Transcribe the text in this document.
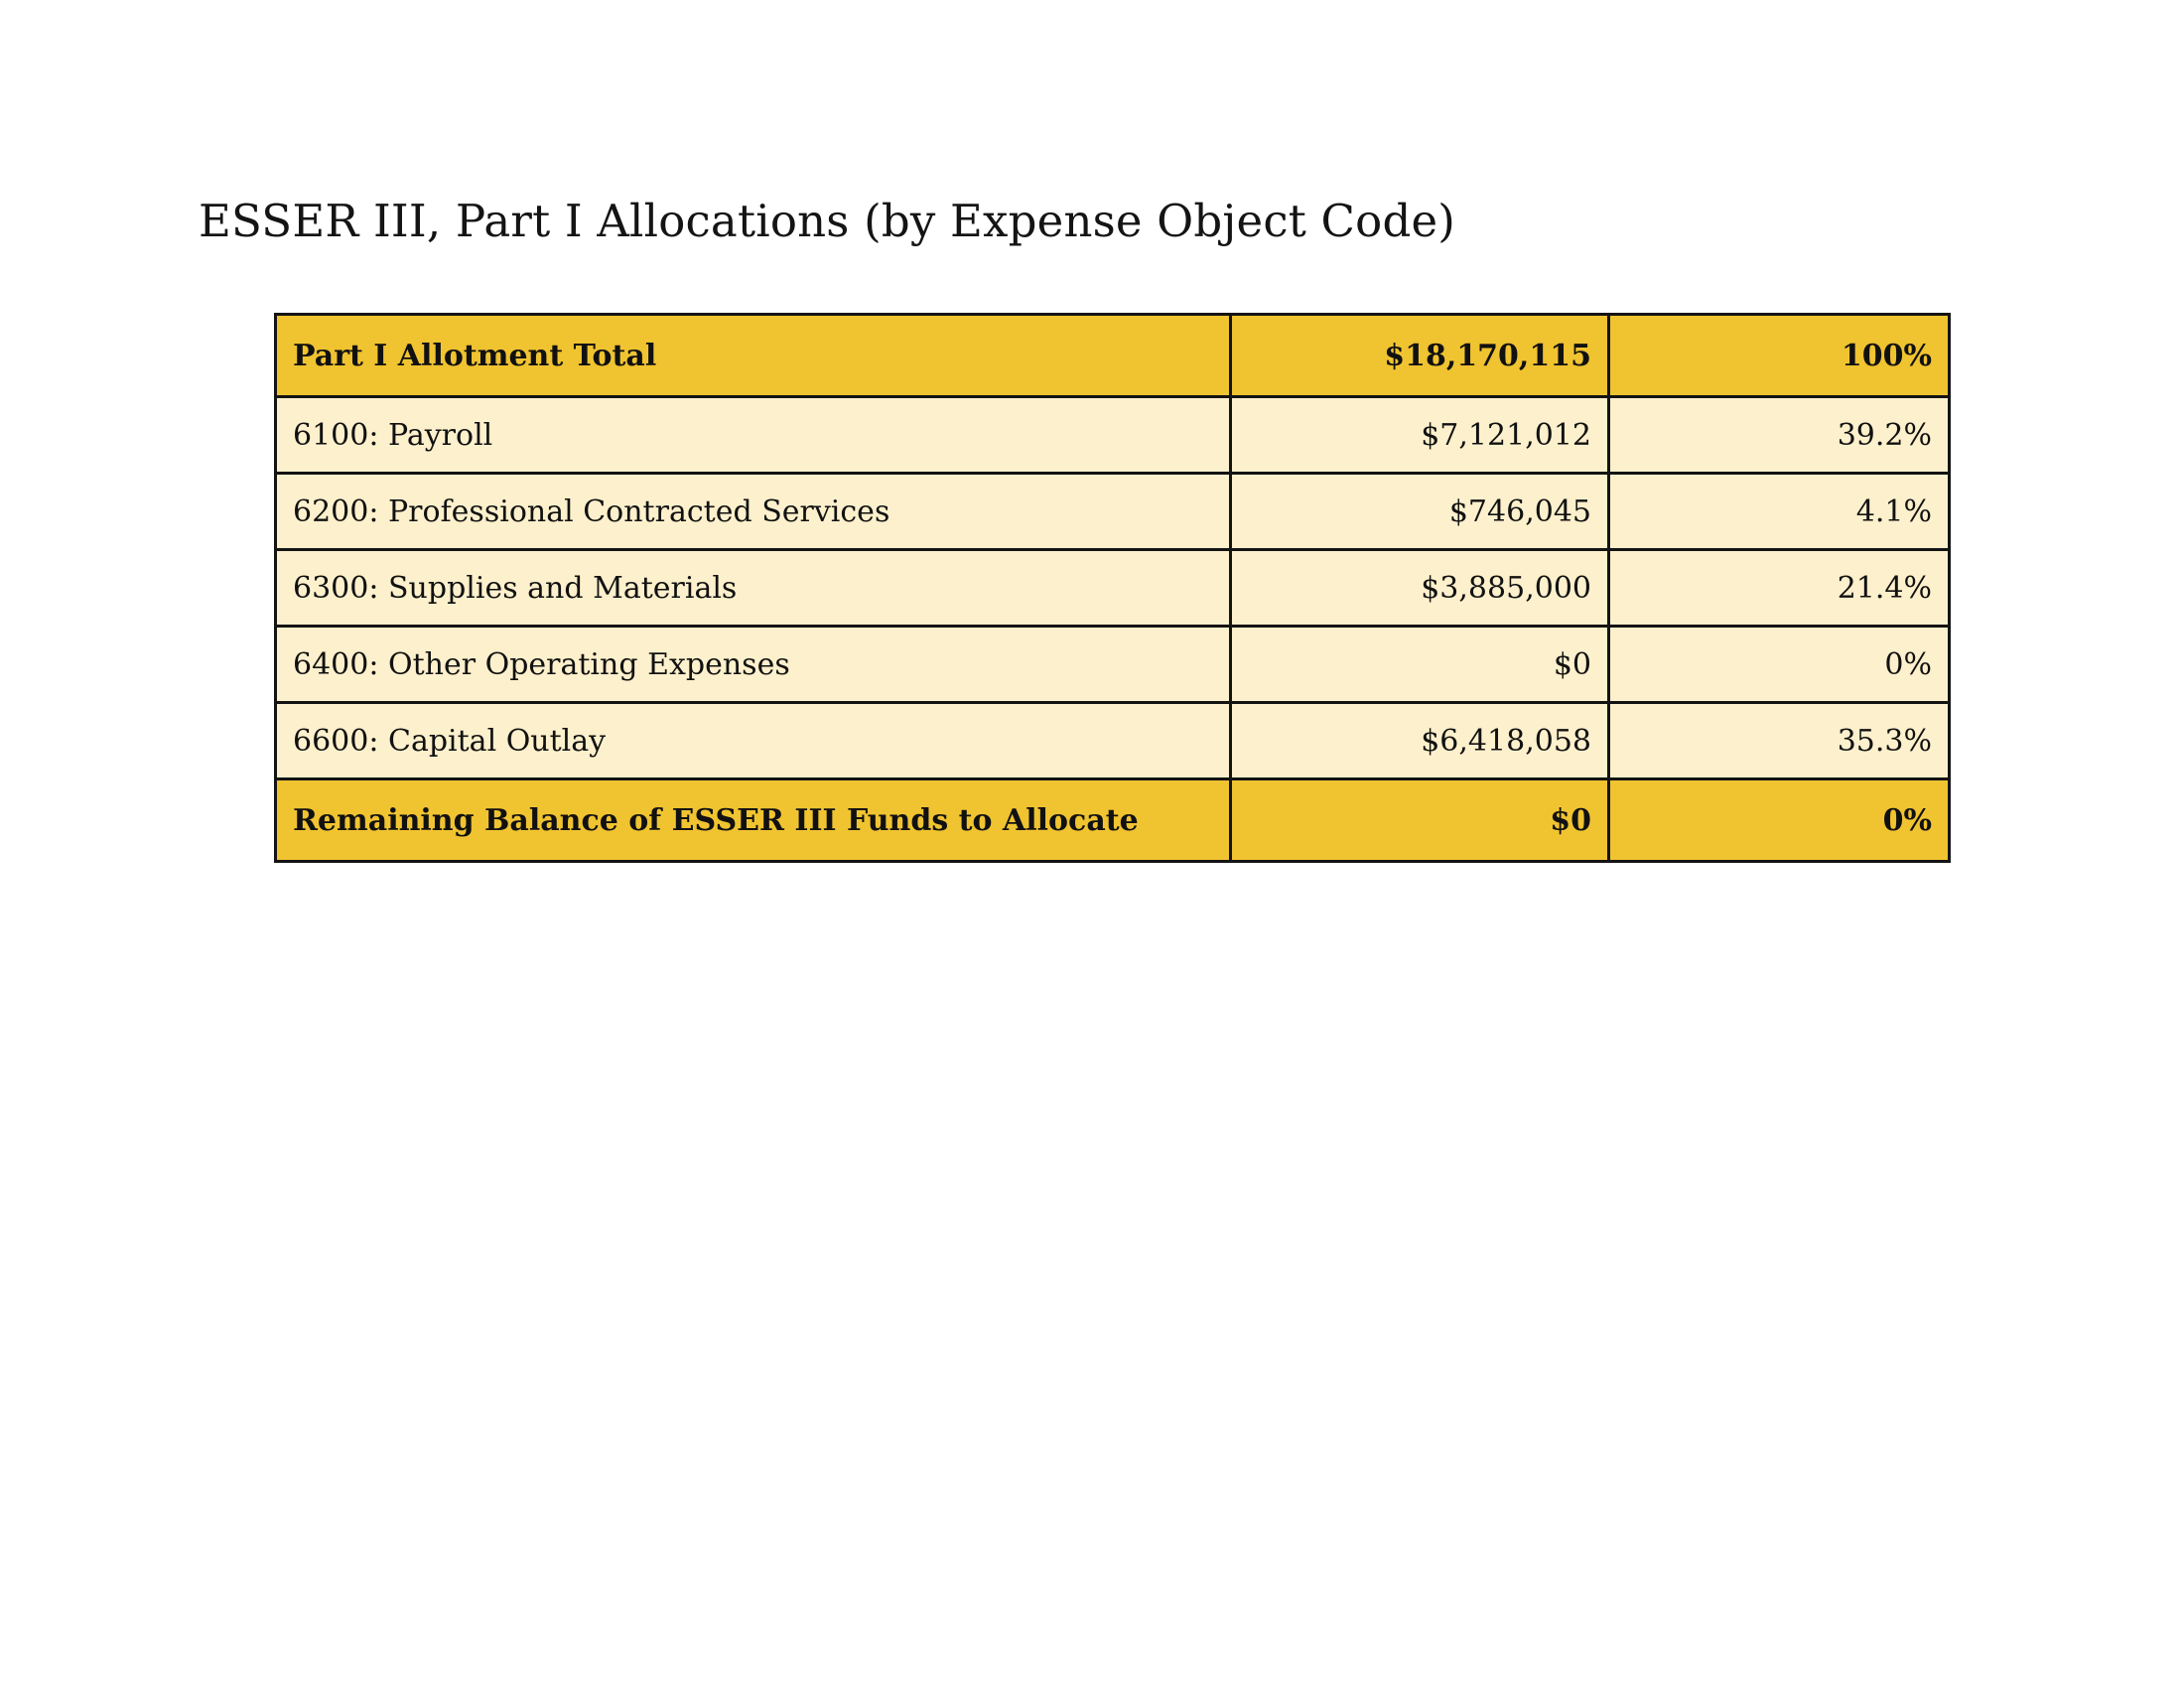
ESSER III, Part I Allocations (by Expense Object Code)
Part I Allotment Total	$18,170,115	100%
6100: Payroll	$7,121,012	39.2%
6200: Professional Contracted Services	$746,045	4.1%
6300: Supplies and Materials	$3,885,000	21.4%
6400: Other Operating Expenses	$0	0%
6600: Capital Outlay	$6,418,058	35.3%
Remaining Balance of ESSER III Funds to Allocate	$0	0%
